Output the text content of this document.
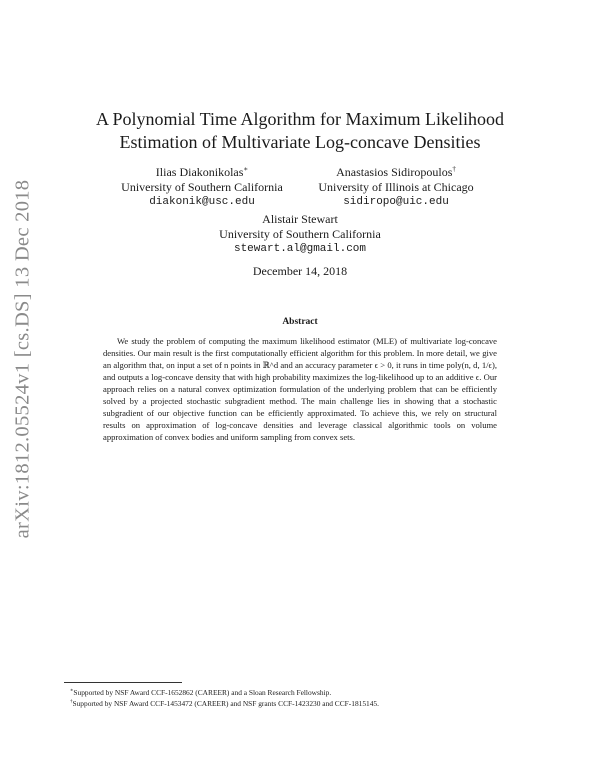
arXiv:1812.05524v1 [cs.DS] 13 Dec 2018
A Polynomial Time Algorithm for Maximum Likelihood
Estimation of Multivariate Log-concave Densities
Ilias Diakonikolas∗
University of Southern California
diakonik@usc.edu
Anastasios Sidiropoulos†
University of Illinois at Chicago
sidiropo@uic.edu
Alistair Stewart
University of Southern California
stewart.al@gmail.com
December 14, 2018
Abstract

We study the problem of computing the maximum likelihood estimator (MLE) of multivariate log-concave densities. Our main result is the first computationally efficient algorithm for this problem. In more detail, we give an algorithm that, on input a set of n points in ℝ^d and an accuracy parameter ϵ > 0, it runs in time poly(n, d, 1/ϵ), and outputs a log-concave density that with high probability maximizes the log-likelihood up to an additive ϵ. Our approach relies on a natural convex optimization formulation of the underlying problem that can be efficiently solved by a projected stochastic subgradient method. The main challenge lies in showing that a stochastic subgradient of our objective function can be efficiently approximated. To achieve this, we rely on structural results on approximation of log-concave densities and leverage classical algorithmic tools on volume approximation of convex bodies and uniform sampling from convex sets.

∗Supported by NSF Award CCF-1652862 (CAREER) and a Sloan Research Fellowship.
†Supported by NSF Award CCF-1453472 (CAREER) and NSF grants CCF-1423230 and CCF-1815145.
